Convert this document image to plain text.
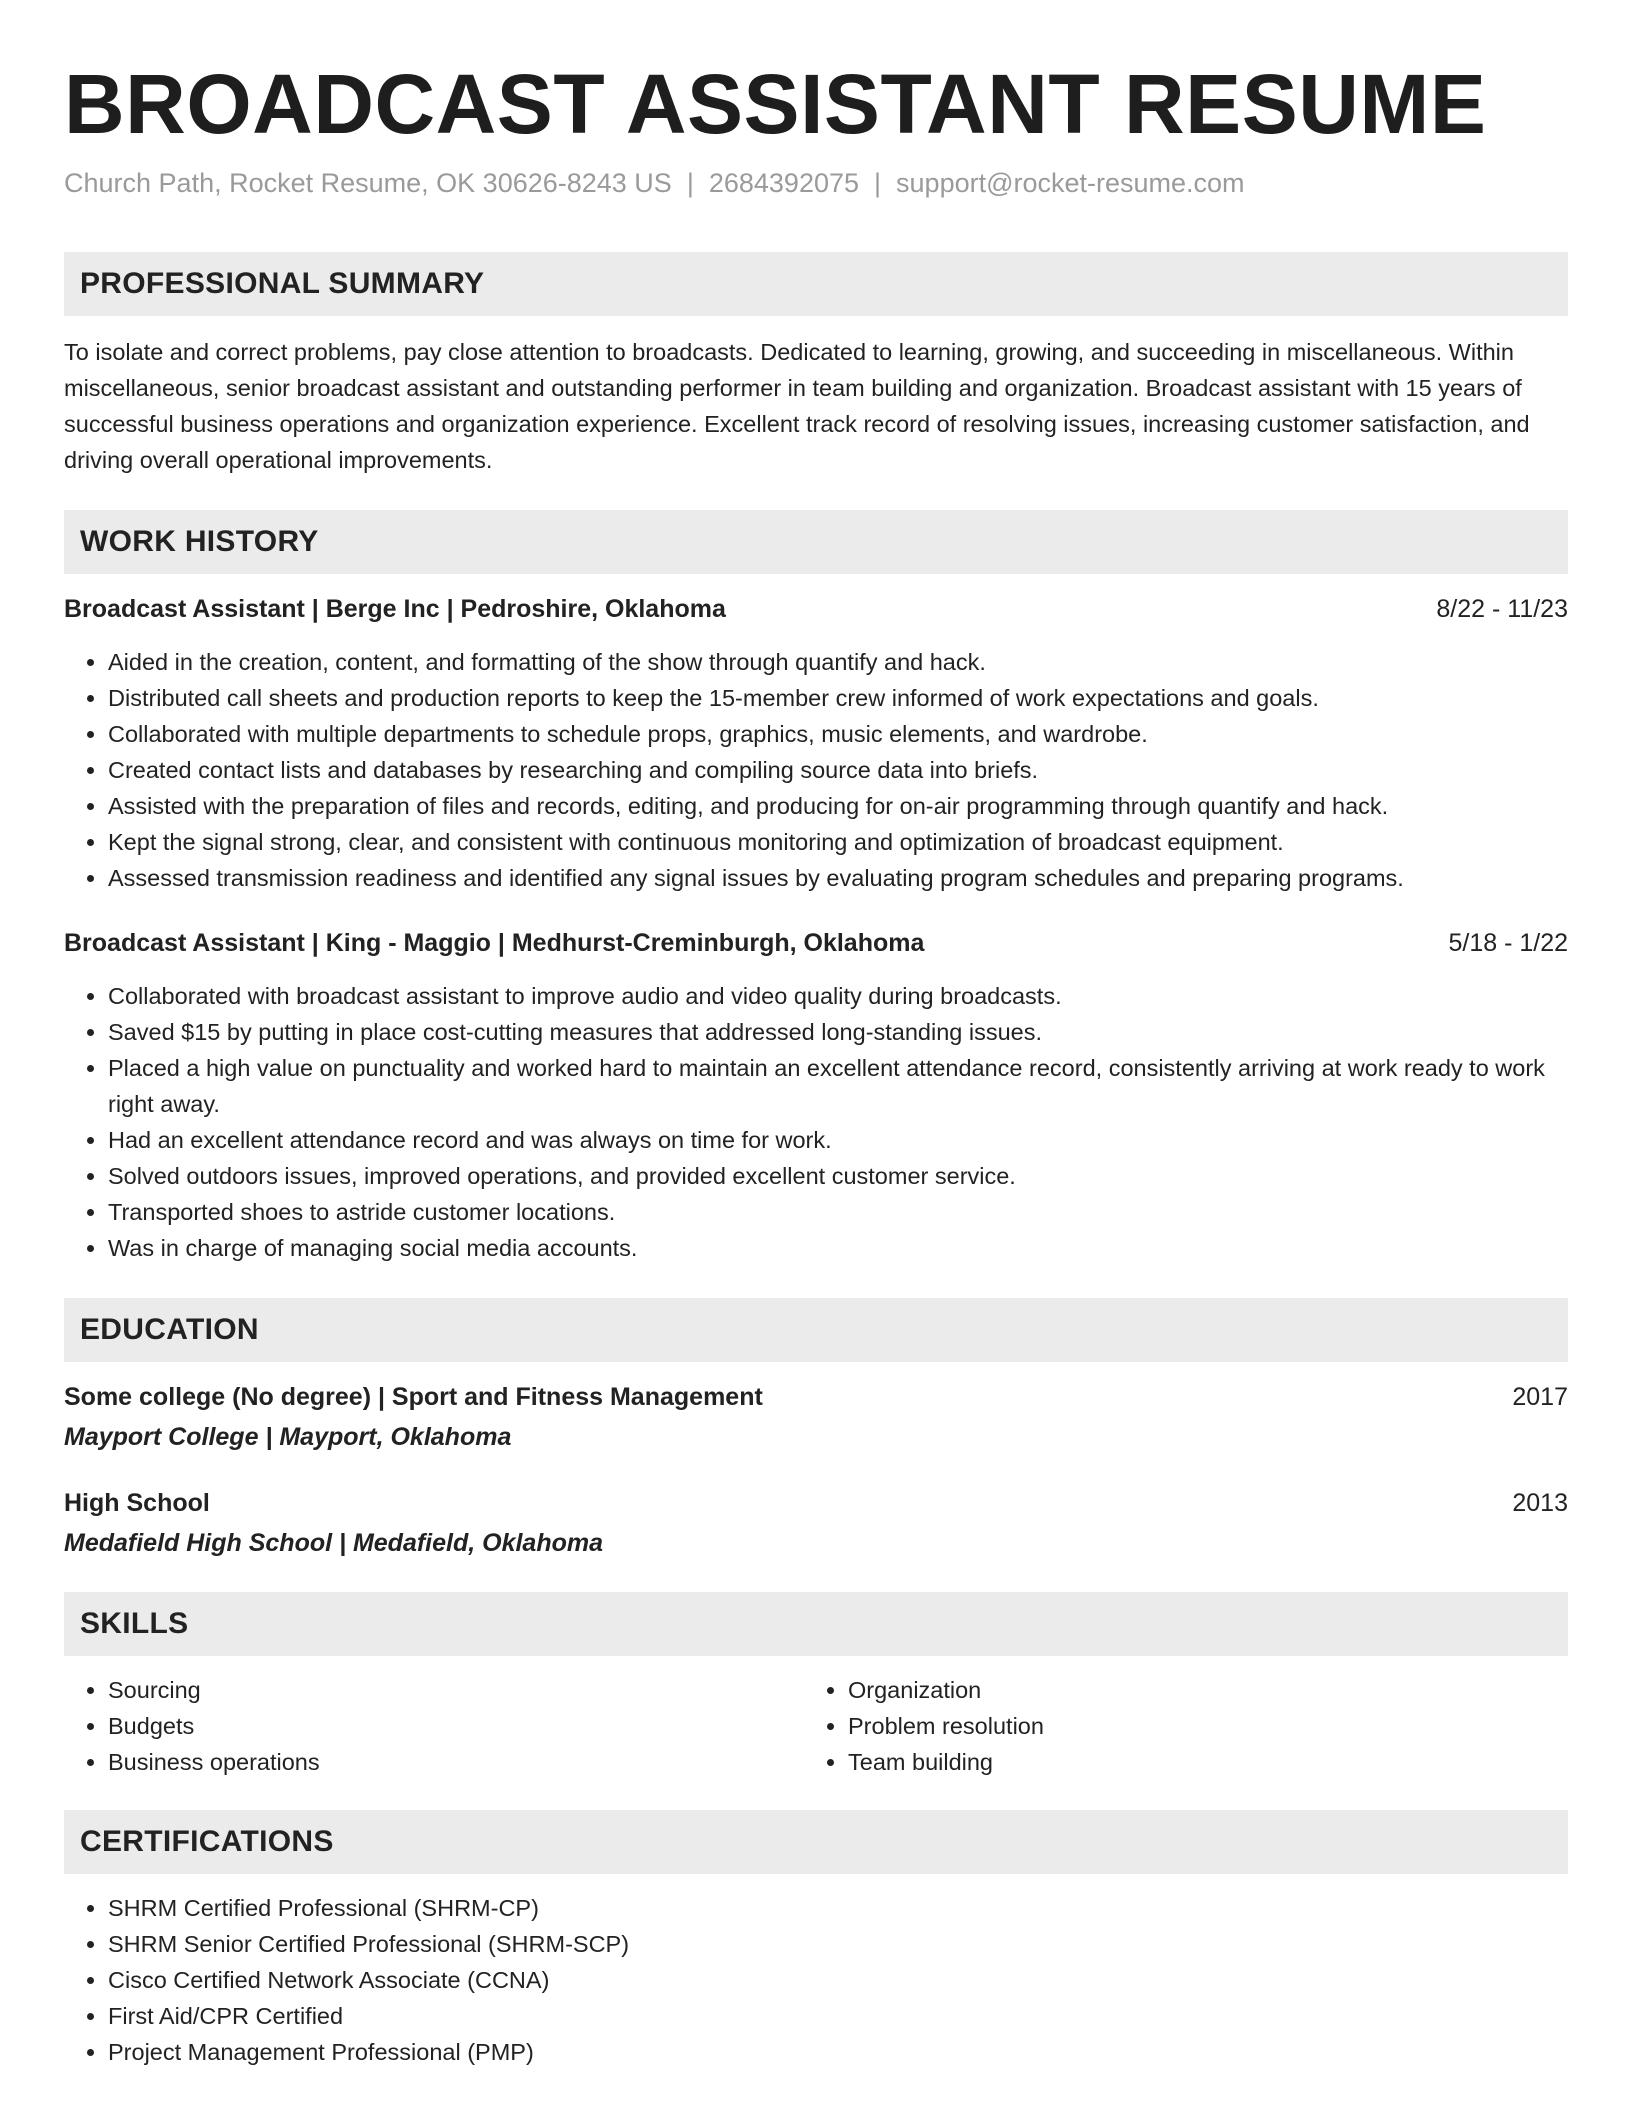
BROADCAST ASSISTANT RESUME
Church Path, Rocket Resume, OK 30626-8243 US | 2684392075 | support@rocket-resume.com
PROFESSIONAL SUMMARY

To isolate and correct problems, pay close attention to broadcasts. Dedicated to learning, growing, and succeeding in miscellaneous. Within miscellaneous, senior broadcast assistant and outstanding performer in team building and organization. Broadcast assistant with 15 years of successful business operations and organization experience. Excellent track record of resolving issues, increasing customer satisfaction, and driving overall operational improvements.

WORK HISTORY
Broadcast Assistant | Berge Inc | Pedroshire, Oklahoma	8/22 - 11/23
• Aided in the creation, content, and formatting of the show through quantify and hack.
• Distributed call sheets and production reports to keep the 15-member crew informed of work expectations and goals.
• Collaborated with multiple departments to schedule props, graphics, music elements, and wardrobe.
• Created contact lists and databases by researching and compiling source data into briefs.
• Assisted with the preparation of files and records, editing, and producing for on-air programming through quantify and hack.
• Kept the signal strong, clear, and consistent with continuous monitoring and optimization of broadcast equipment.
• Assessed transmission readiness and identified any signal issues by evaluating program schedules and preparing programs.
Broadcast Assistant | King - Maggio | Medhurst-Creminburgh, Oklahoma	5/18 - 1/22
• Collaborated with broadcast assistant to improve audio and video quality during broadcasts.
• Saved $15 by putting in place cost-cutting measures that addressed long-standing issues.
• Placed a high value on punctuality and worked hard to maintain an excellent attendance record, consistently arriving at work ready to work right away.
• Had an excellent attendance record and was always on time for work.
• Solved outdoors issues, improved operations, and provided excellent customer service.
• Transported shoes to astride customer locations.
• Was in charge of managing social media accounts.
EDUCATION
Some college (No degree) | Sport and Fitness Management	2017
Mayport College | Mayport, Oklahoma
High School	2013
Medafield High School | Medafield, Oklahoma
SKILLS
• Sourcing
• Budgets
• Business operations
• Organization
• Problem resolution
• Team building
CERTIFICATIONS
• SHRM Certified Professional (SHRM-CP)
• SHRM Senior Certified Professional (SHRM-SCP)
• Cisco Certified Network Associate (CCNA)
• First Aid/CPR Certified
• Project Management Professional (PMP)
